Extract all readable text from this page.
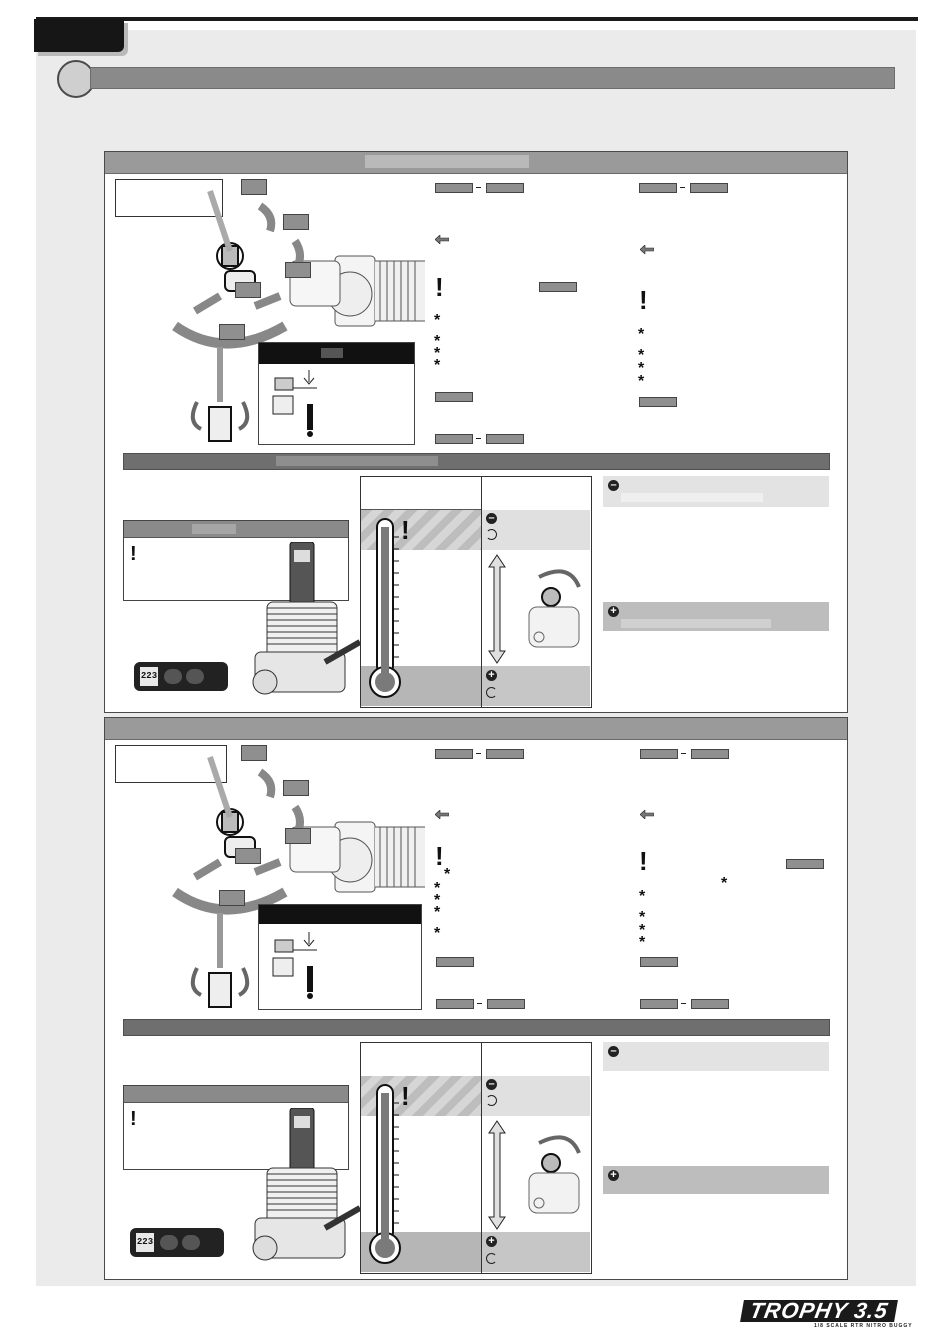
!
*
*
*
*
!
*
*
*
*
!
223
!	–
+
–
+
!
*
*
*
*
*
!
*
*
*
*
*
!
223
!	–
+
–
+
TROPHY 3.5
1/8 SCALE RTR NITRO BUGGY
